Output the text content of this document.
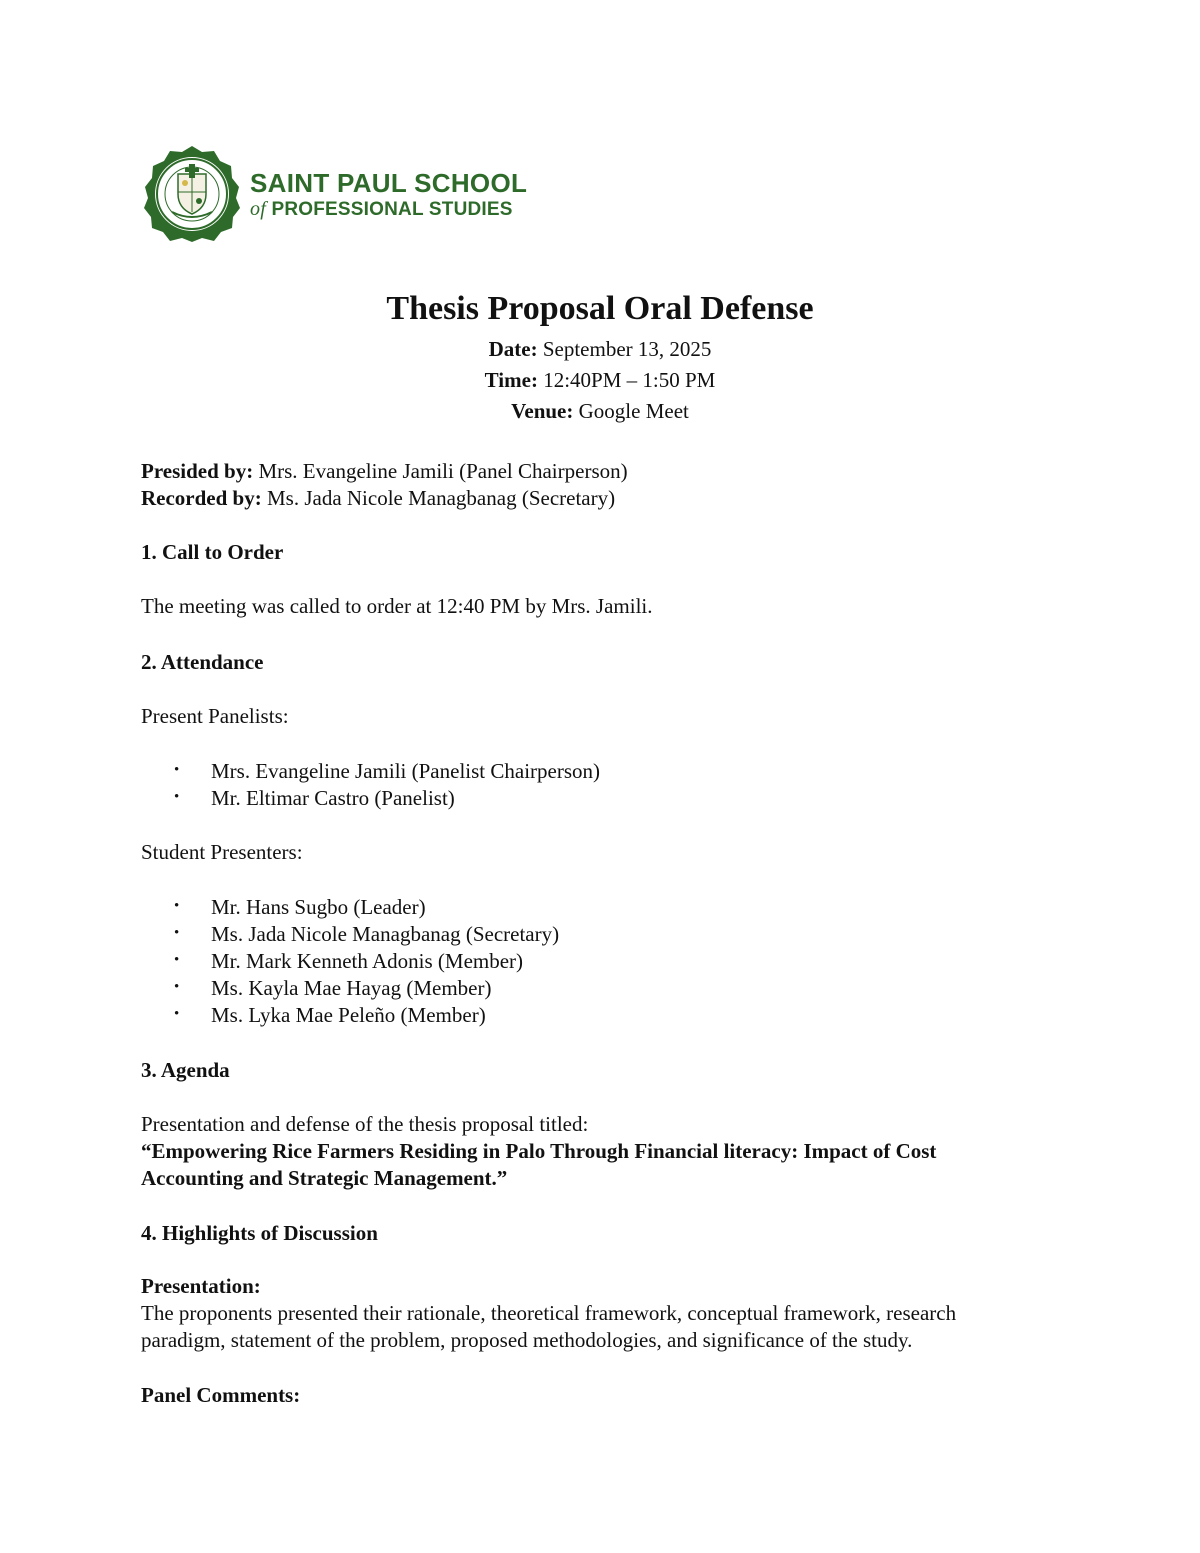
SAINT PAUL SCHOOL
of PROFESSIONAL STUDIES
Thesis Proposal Oral Defense
Date: September 13, 2025
Time: 12:40PM – 1:50 PM
Venue: Google Meet
Presided by: Mrs. Evangeline Jamili (Panel Chairperson)
Recorded by: Ms. Jada Nicole Managbanag (Secretary)
1. Call to Order
The meeting was called to order at 12:40 PM by Mrs. Jamili.
2. Attendance
Present Panelists:
• Mrs. Evangeline Jamili (Panelist Chairperson)
• Mr. Eltimar Castro (Panelist)
Student Presenters:
• Mr. Hans Sugbo (Leader)
• Ms. Jada Nicole Managbanag (Secretary)
• Mr. Mark Kenneth Adonis (Member)
• Ms. Kayla Mae Hayag (Member)
• Ms. Lyka Mae Peleño (Member)
3. Agenda
Presentation and defense of the thesis proposal titled:
“Empowering Rice Farmers Residing in Palo Through Financial literacy: Impact of Cost
Accounting and Strategic Management.”
4. Highlights of Discussion
Presentation:
The proponents presented their rationale, theoretical framework, conceptual framework, research
paradigm, statement of the problem, proposed methodologies, and significance of the study.
Panel Comments:
